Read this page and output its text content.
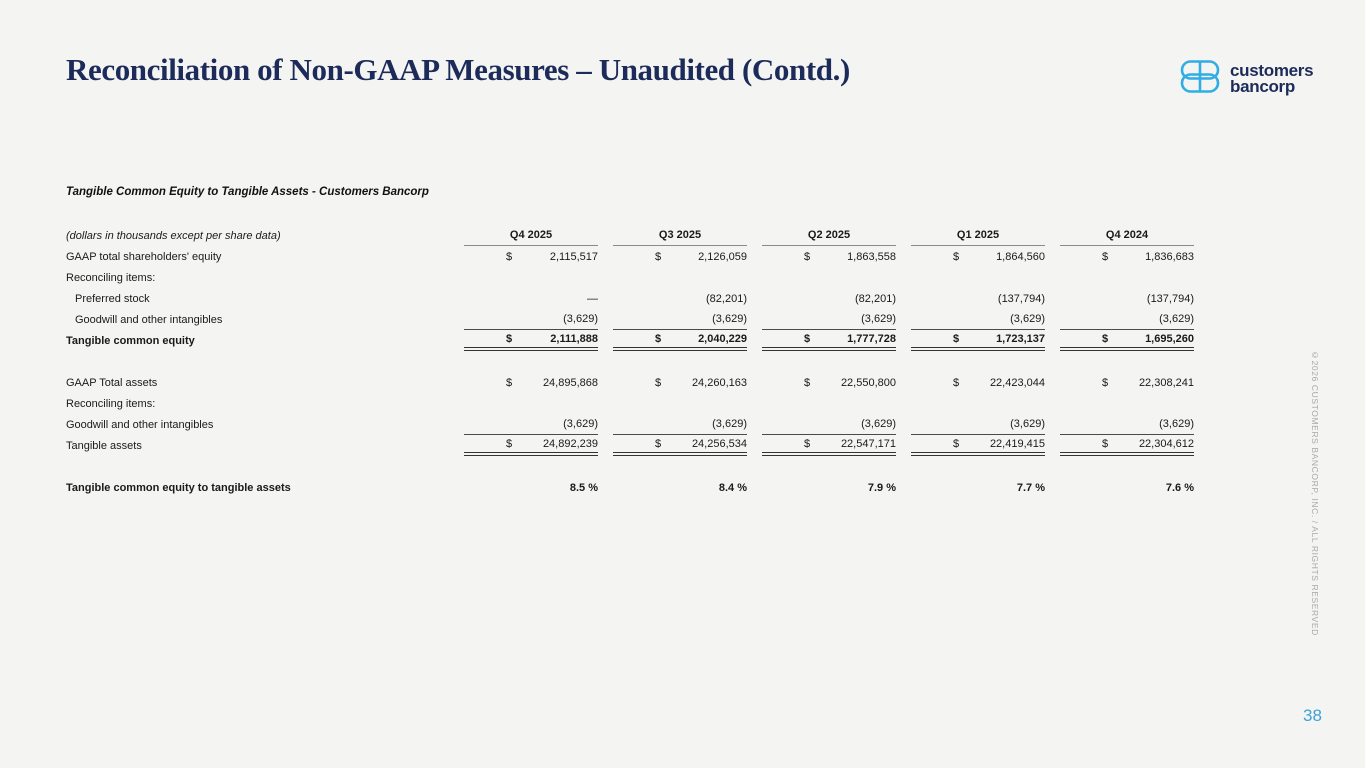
Reconciliation of Non-GAAP Measures – Unaudited (Contd.)	customers
bancorp
Tangible Common Equity to Tangible Assets - Customers Bancorp
(dollars in thousands except per share data)	Q4 2025	Q3 2025	Q2 2025	Q1 2025	Q4 2024
GAAP total shareholders' equity	$	2,115,517	$	2,126,059	$	1,863,558	$	1,864,560	$	1,836,683
Reconciling items:
Preferred stock	—	(82,201)	(82,201)	(137,794)	(137,794)
Goodwill and other intangibles	(3,629)	(3,629)	(3,629)	(3,629)	(3,629)
Tangible common equity	$	2,111,888	$	2,040,229	$	1,777,728	$	1,723,137	$	1,695,260
GAAP Total assets	$	24,895,868	$	24,260,163	$	22,550,800	$	22,423,044	$	22,308,241
Reconciling items:
Goodwill and other intangibles	(3,629)	(3,629)	(3,629)	(3,629)	(3,629)
Tangible assets	$	24,892,239	$	24,256,534	$	22,547,171	$	22,419,415	$	22,304,612
Tangible common equity to tangible assets	8.5 %	8.4 %	7.9 %	7.7 %	7.6 %	©2026 CUSTOMERS BANCORP, INC. / ALL RIGHTS RESERVED
38
